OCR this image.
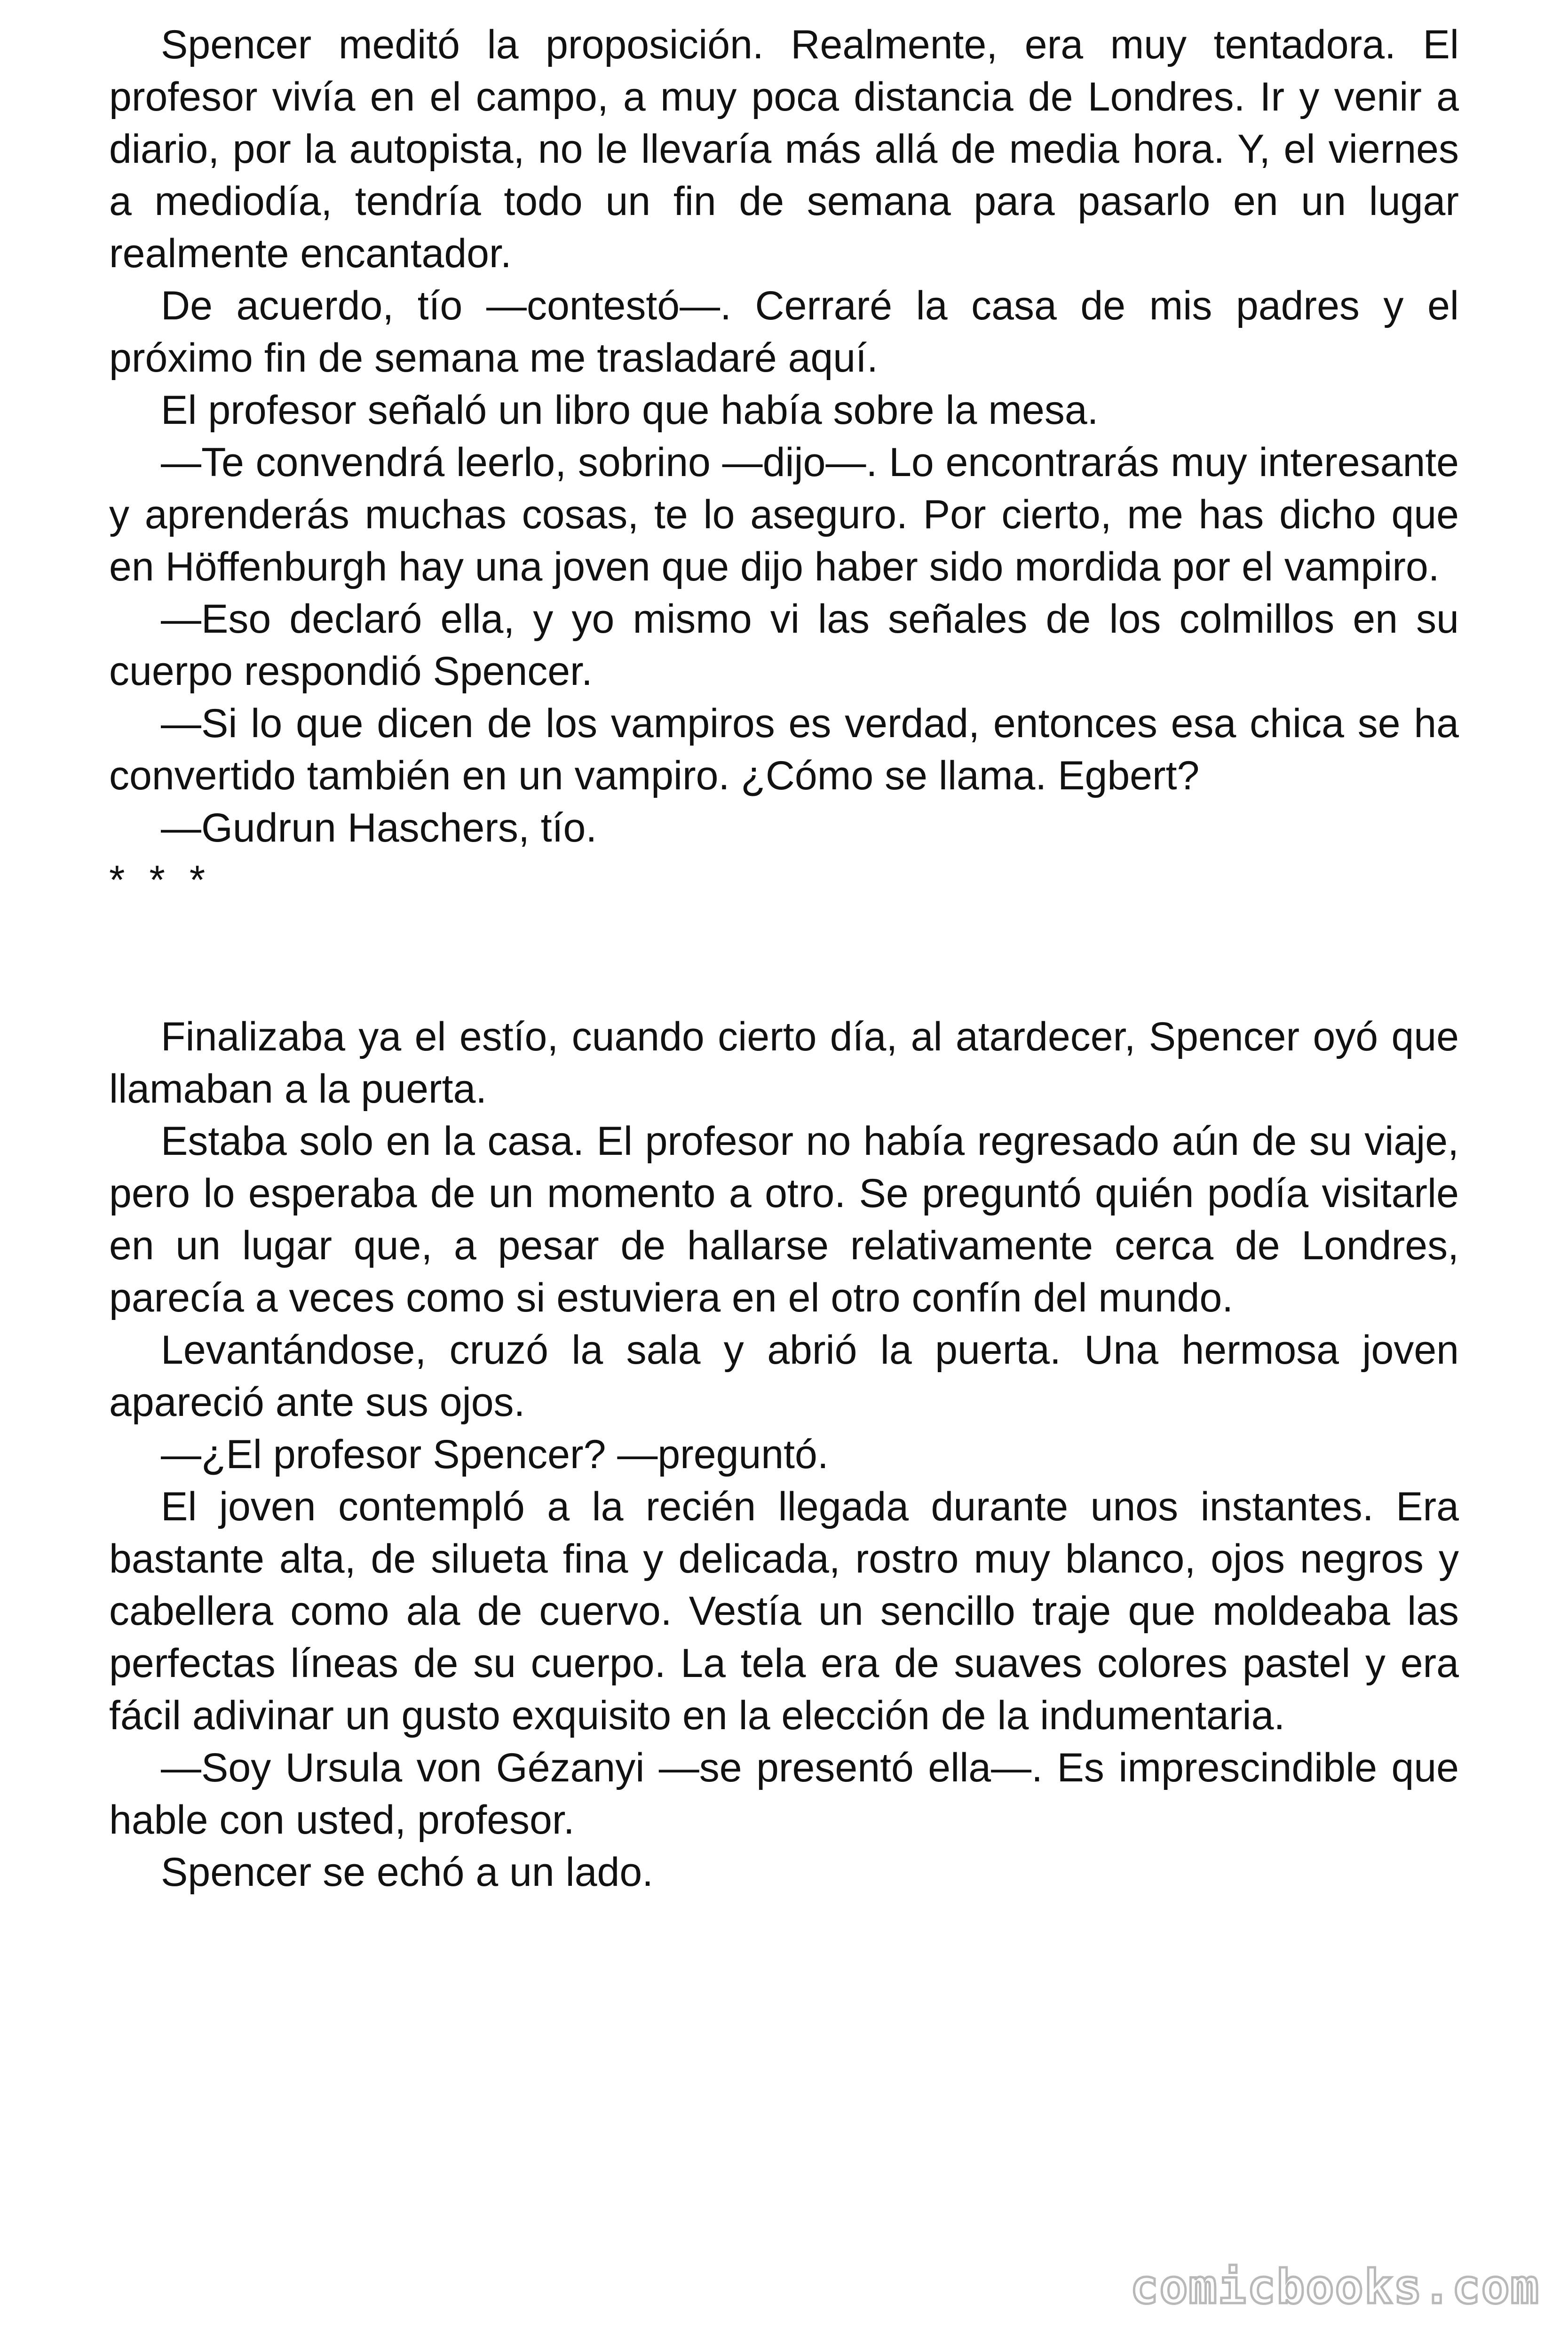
Spencer meditó la proposición. Realmente, era muy tentadora. El profesor vivía en el campo, a muy poca distancia de Londres. Ir y venir a diario, por la autopista, no le llevaría más allá de media hora. Y, el viernes a mediodía, tendría todo un fin de semana para pasarlo en un lugar realmente encantador.

De acuerdo, tío —contestó—. Cerraré la casa de mis padres y el próximo fin de semana me trasladaré aquí.

El profesor señaló un libro que había sobre la mesa.

—Te convendrá leerlo, sobrino —dijo—. Lo encontrarás muy interesante y aprenderás muchas cosas, te lo aseguro. Por cierto, me has dicho que en Höffenburgh hay una joven que dijo haber sido mordida por el vampiro.

—Eso declaró ella, y yo mismo vi las señales de los colmillos en su cuerpo respondió Spencer.

—Si lo que dicen de los vampiros es verdad, entonces esa chica se ha convertido también en un vampiro. ¿Cómo se llama. Egbert?

—Gudrun Haschers, tío.

* * *

Finalizaba ya el estío, cuando cierto día, al atardecer, Spencer oyó que llamaban a la puerta.

Estaba solo en la casa. El profesor no había regresado aún de su viaje, pero lo esperaba de un momento a otro. Se preguntó quién podía visitarle en un lugar que, a pesar de hallarse relativamente cerca de Londres, parecía a veces como si estuviera en el otro confín del mundo.

Levantándose, cruzó la sala y abrió la puerta. Una hermosa joven apareció ante sus ojos.

—¿El profesor Spencer? —preguntó.

El joven contempló a la recién llegada durante unos instantes. Era bastante alta, de silueta fina y delicada, rostro muy blanco, ojos negros y cabellera como ala de cuervo. Vestía un sencillo traje que moldeaba las perfectas líneas de su cuerpo. La tela era de suaves colores pastel y era fácil adivinar un gusto exquisito en la elección de la indumentaria.

—Soy Ursula von Gézanyi —se presentó ella—. Es imprescindible que hable con usted, profesor.

Spencer se echó a un lado.

comicbooks.com
